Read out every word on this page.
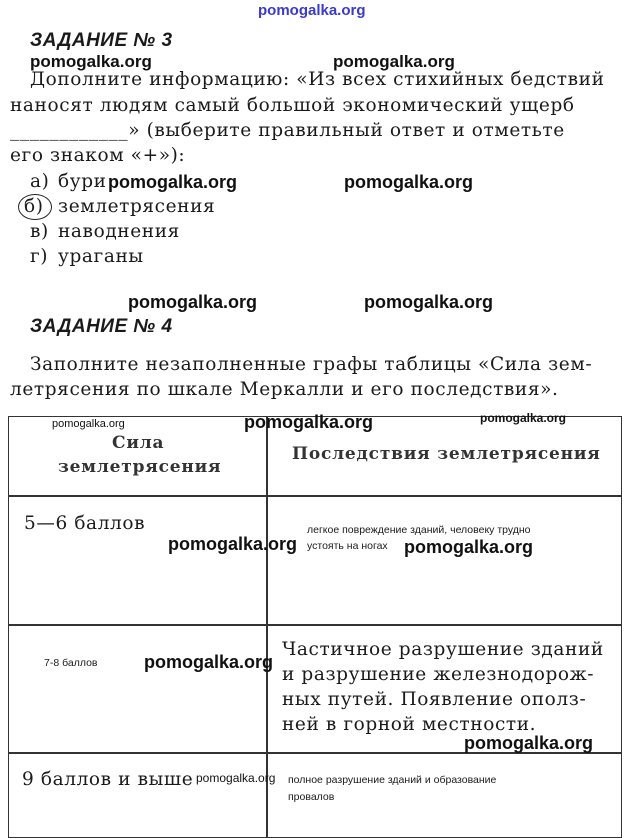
pomogalka.org
ЗАДАНИЕ № 3
pomogalka.org	pomogalka.org
Дополните информацию: «Из всех стихийных бедствий
наносят людям самый большой экономический ущерб
____________» (выберите правильный ответ и отметьте
его знаком «+»):
а) бури pomogalka.org	pomogalka.org
б) землетрясения
в) наводнения
г) ураганы
pomogalka.org	pomogalka.org
ЗАДАНИЕ № 4
Заполните незаполненные графы таблицы «Сила зем-
летрясения по шкале Меркалли и его последствия».
pomogalka.org	pomogalka.org	pomogalka.org
Сила
землетрясения
Последствия землетрясения
5—6 баллов	легкое повреждение зданий, человеку трудно
устоять на ногах
pomogalka.org	pomogalka.org
7-8 баллов	pomogalka.org
Частичное разрушение зданий
и разрушение железнодорож-
ных путей. Появление ополз-
ней в горной местности.
pomogalka.org
9 баллов и выше pomogalka.org полное разрушение зданий и образование
провалов
